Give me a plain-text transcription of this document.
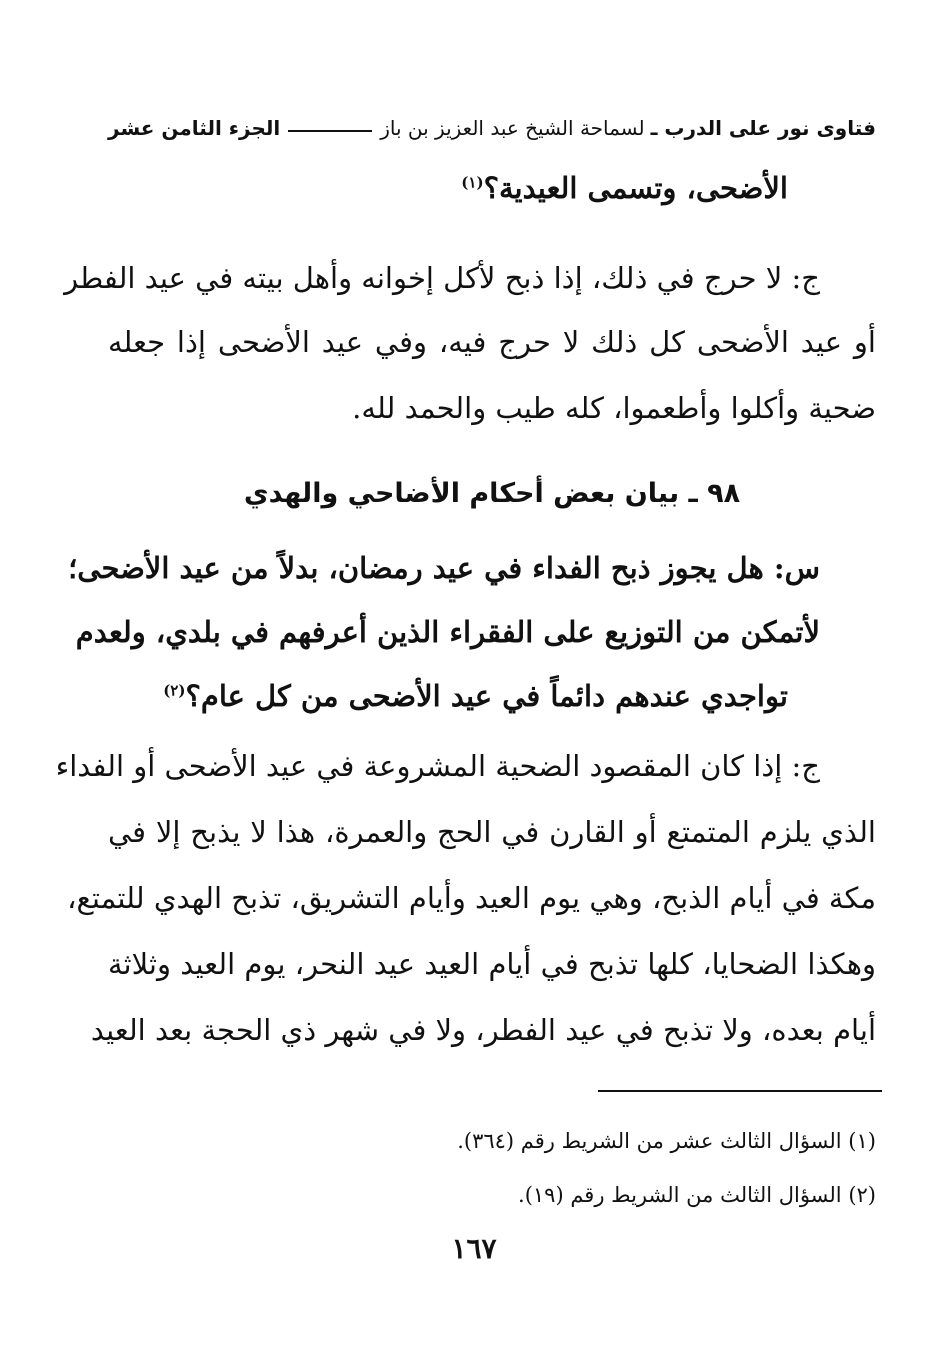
فتاوى نور على الدرب ـ
لسماحة الشيخ عبد العزيز بن باز
الجزء الثامن عشر
الأضحى، وتسمى العيدية؟$^{(١)}$
ج: لا حرج في ذلك، إذا ذبح لأكل إخوانه وأهل بيته في عيد الفطر
أو عيد الأضحى كل ذلك لا حرج فيه، وفي عيد الأضحى إذا جعله
ضحية وأكلوا وأطعموا، كله طيب والحمد لله.
٩٨ ـ بيان بعض أحكام الأضاحي والهدي
س: هل يجوز ذبح الفداء في عيد رمضان، بدلاً من عيد الأضحى؛
لأتمكن من التوزيع على الفقراء الذين أعرفهم في بلدي، ولعدم
تواجدي عندهم دائماً في عيد الأضحى من كل عام؟$^{(٢)}$
ج: إذا كان المقصود الضحية المشروعة في عيد الأضحى أو الفداء
الذي يلزم المتمتع أو القارن في الحج والعمرة، هذا لا يذبح إلا في
مكة في أيام الذبح، وهي يوم العيد وأيام التشريق، تذبح الهدي للتمتع،
وهكذا الضحايا، كلها تذبح في أيام العيد عيد النحر، يوم العيد وثلاثة
أيام بعده، ولا تذبح في عيد الفطر، ولا في شهر ذي الحجة بعد العيد
(١) السؤال الثالث عشر من الشريط رقم (٣٦٤).
(٢) السؤال الثالث من الشريط رقم (١٩).
١٦٧
